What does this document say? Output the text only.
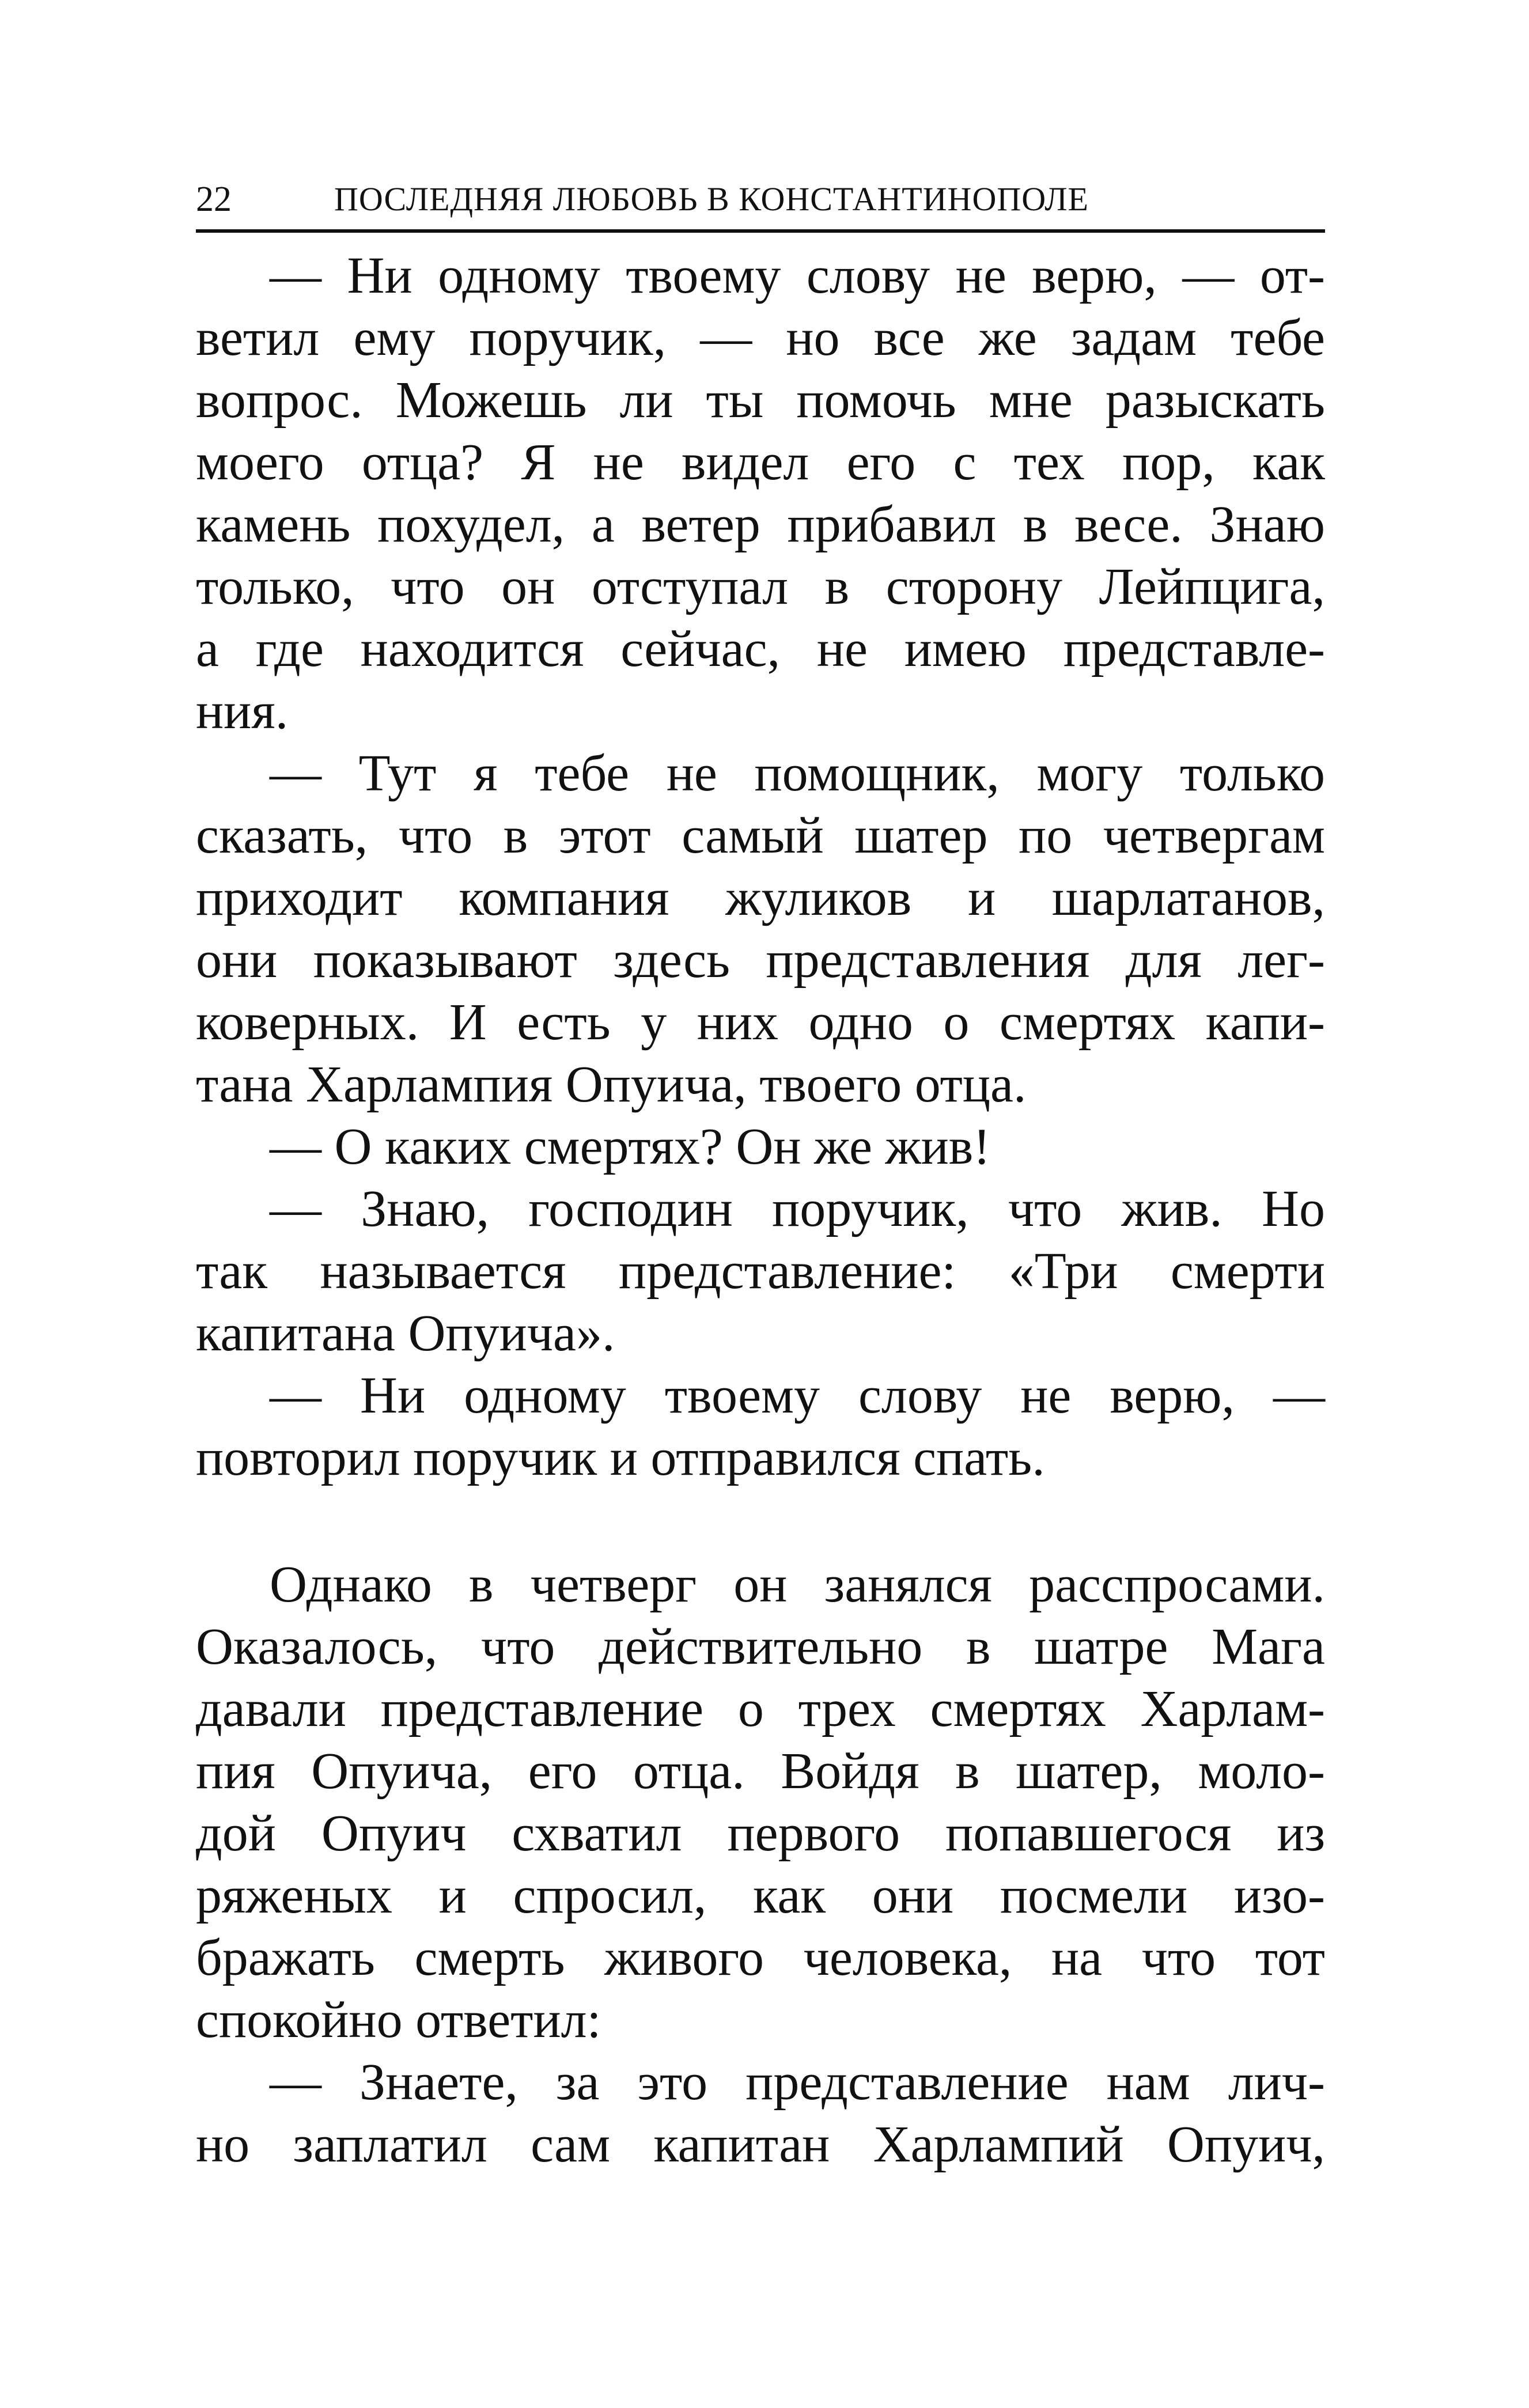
22	ПОСЛЕДНЯЯ ЛЮБОВЬ В КОНСТАНТИНОПОЛЕ
— Ни одному твоему слову не верю, — от-
ветил ему поручик, — но все же задам тебе
вопрос. Можешь ли ты помочь мне разыскать
моего отца? Я не видел его с тех пор, как
камень похудел, а ветер прибавил в весе. Знаю
только, что он отступал в сторону Лейпцига,
а где находится сейчас, не имею представле-
ния.
— Тут я тебе не помощник, могу только
сказать, что в этот самый шатер по четвергам
приходит компания жуликов и шарлатанов,
они показывают здесь представления для лег-
коверных. И есть у них одно о смертях капи-
тана Харлампия Опуича, твоего отца.
— О каких смертях? Он же жив!
— Знаю, господин поручик, что жив. Но
так называется представление: «Три смерти
капитана Опуича».
— Ни одному твоему слову не верю, —
повторил поручик и отправился спать.
Однако в четверг он занялся расспросами.
Оказалось, что действительно в шатре Мага
давали представление о трех смертях Харлам-
пия Опуича, его отца. Войдя в шатер, моло-
дой Опуич схватил первого попавшегося из
ряженых и спросил, как они посмели изо-
бражать смерть живого человека, на что тот
спокойно ответил:
— Знаете, за это представление нам лич-
но заплатил сам капитан Харлампий Опуич,
